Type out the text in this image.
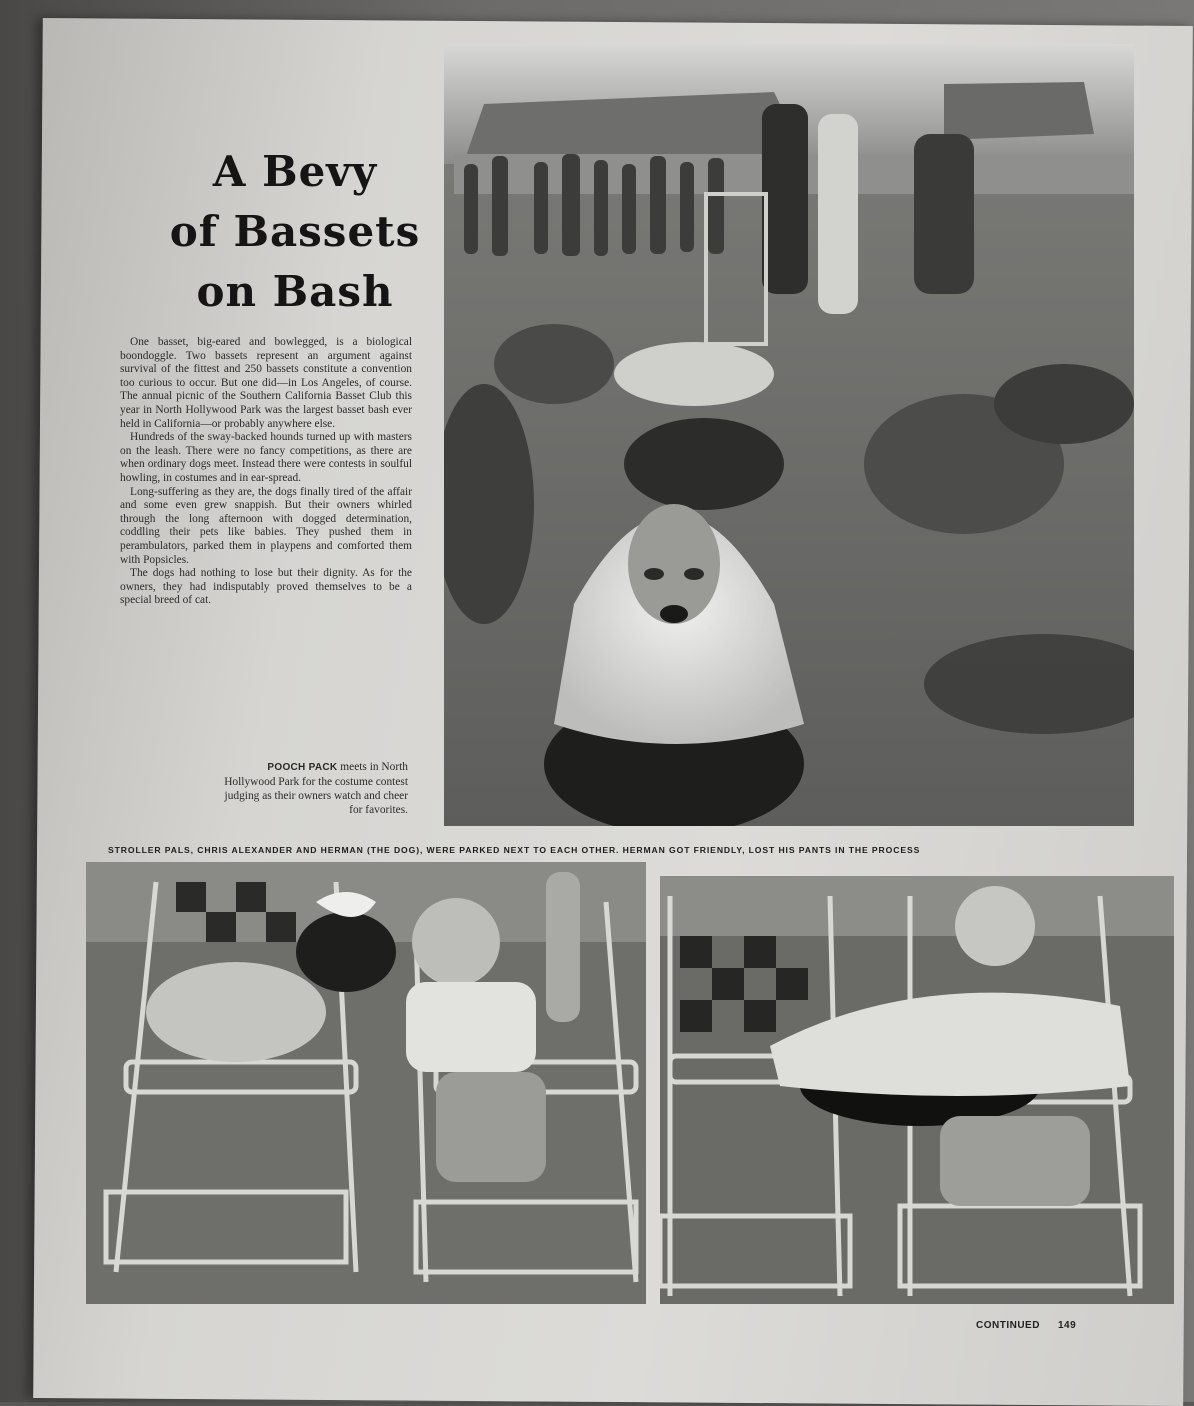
A Bevy
of Bassets
on Bash

One basset, big-eared and bowlegged, is a biological boondoggle. Two bassets represent an argument against survival of the fittest and 250 bassets constitute a convention too curious to occur. But one did—in Los Angeles, of course. The annual picnic of the Southern California Basset Club this year in North Hollywood Park was the largest basset bash ever held in California—or probably anywhere else.

Hundreds of the sway-backed hounds turned up with masters on the leash. There were no fancy competitions, as there are when ordinary dogs meet. Instead there were contests in soulful howling, in costumes and in ear-spread.

Long-suffering as they are, the dogs finally tired of the affair and some even grew snappish. But their owners whirled through the long afternoon with dogged determination, coddling their pets like babies. They pushed them in perambulators, parked them in playpens and comforted them with Popsicles.

The dogs had nothing to lose but their dignity. As for the owners, they had indisputably proved themselves to be a special breed of cat.

POOCH PACK meets in North Hollywood Park for the costume contest judging as their owners watch and cheer for favorites.
STROLLER PALS, CHRIS ALEXANDER AND HERMAN (THE DOG), WERE PARKED NEXT TO EACH OTHER. HERMAN GOT FRIENDLY, LOST HIS PANTS IN THE PROCESS
CONTINUED 149
